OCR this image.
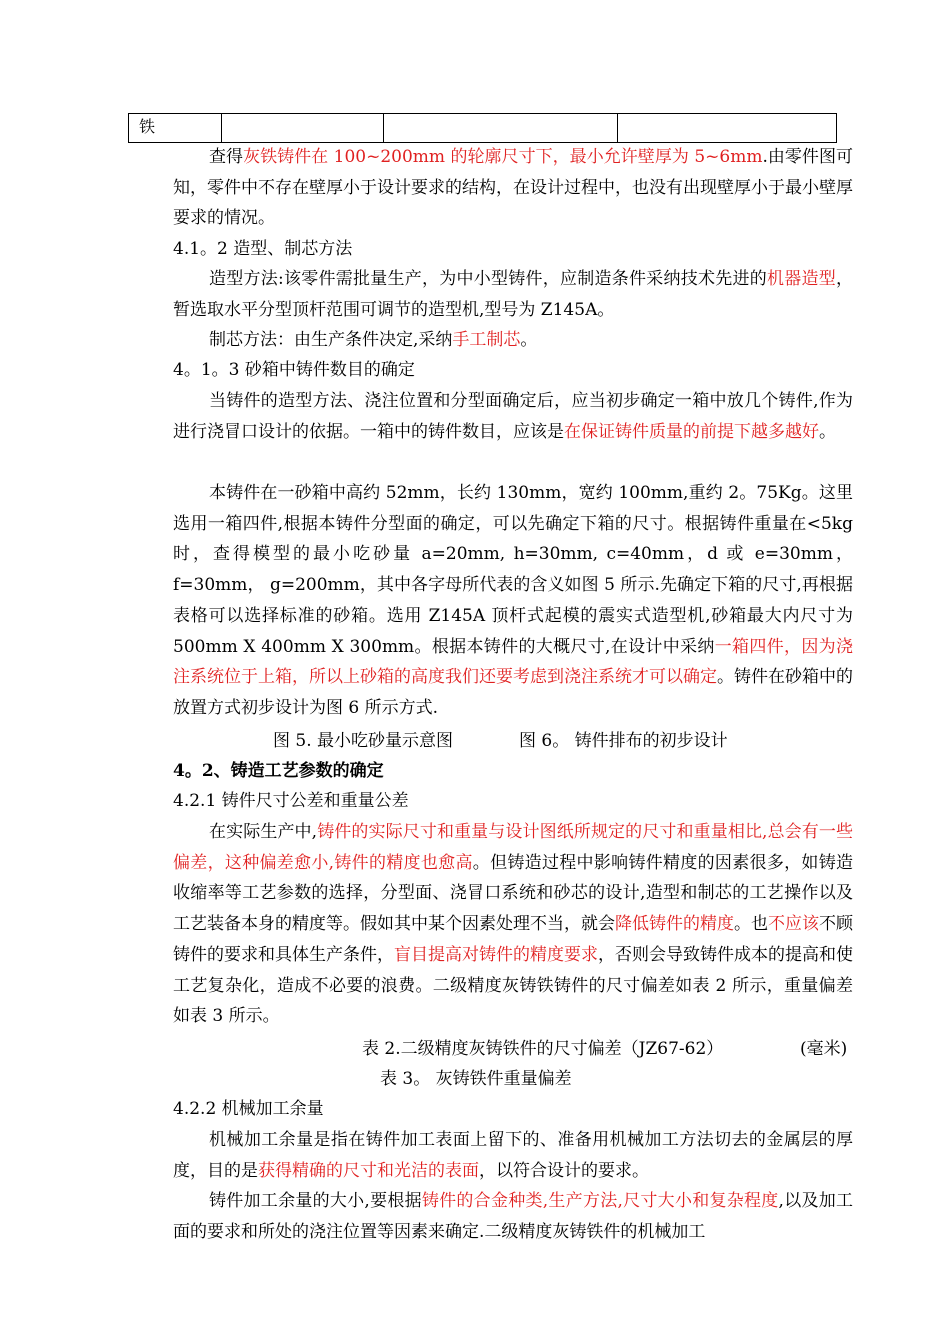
铁			

查得灰铁铸件在 100~200mm 的轮廓尺寸下，最小允许壁厚为 5~6mm.由零件图可知，零件中不存在壁厚小于设计要求的结构，在设计过程中，也没有出现壁厚小于最小壁厚要求的情况。

4.1。2 造型、制芯方法

造型方法:该零件需批量生产，为中小型铸件，应制造条件采纳技术先进的机器造型，暂选取水平分型顶杆范围可调节的造型机,型号为 Z145A。

制芯方法：由生产条件决定,采纳手工制芯。

4。1。3 砂箱中铸件数目的确定

当铸件的造型方法、浇注位置和分型面确定后，应当初步确定一箱中放几个铸件,作为进行浇冒口设计的依据。一箱中的铸件数目，应该是在保证铸件质量的前提下越多越好。

本铸件在一砂箱中高约 52mm，长约 130mm，宽约 100mm,重约 2。75Kg。这里选用一箱四件,根据本铸件分型面的确定，可以先确定下箱的尺寸。根据铸件重量在<5kg 时，查得模型的最小吃砂量 a=20mm, h=30mm, c=40mm，d 或 e=30mm， f=30mm， g=200mm，其中各字母所代表的含义如图 5 所示.先确定下箱的尺寸,再根据表格可以选择标准的砂箱。选用 Z145A 顶杆式起模的震实式造型机,砂箱最大内尺寸为 500mm X 400mm X 300mm。根据本铸件的大概尺寸,在设计中采纳一箱四件，因为浇注系统位于上箱，所以上砂箱的高度我们还要考虑到浇注系统才可以确定。铸件在砂箱中的放置方式初步设计为图 6 所示方式.

图 5. 最小吃砂量示意图	图 6。 铸件排布的初步设计

4。2、铸造工艺参数的确定

4.2.1 铸件尺寸公差和重量公差

在实际生产中,铸件的实际尺寸和重量与设计图纸所规定的尺寸和重量相比,总会有一些偏差，这种偏差愈小,铸件的精度也愈高。但铸造过程中影响铸件精度的因素很多，如铸造收缩率等工艺参数的选择，分型面、浇冒口系统和砂芯的设计,造型和制芯的工艺操作以及工艺装备本身的精度等。假如其中某个因素处理不当，就会降低铸件的精度。也不应该不顾铸件的要求和具体生产条件，盲目提高对铸件的精度要求，否则会导致铸件成本的提高和使工艺复杂化，造成不必要的浪费。二级精度灰铸铁铸件的尺寸偏差如表 2 所示，重量偏差如表 3 所示。

表 2.二级精度灰铸铁件的尺寸偏差（JZ67-62）	(毫米)

表 3。 灰铸铁件重量偏差

4.2.2 机械加工余量

机械加工余量是指在铸件加工表面上留下的、准备用机械加工方法切去的金属层的厚度，目的是获得精确的尺寸和光洁的表面，以符合设计的要求。

铸件加工余量的大小,要根据铸件的合金种类,生产方法,尺寸大小和复杂程度,以及加工面的要求和所处的浇注位置等因素来确定.二级精度灰铸铁件的机械加工
